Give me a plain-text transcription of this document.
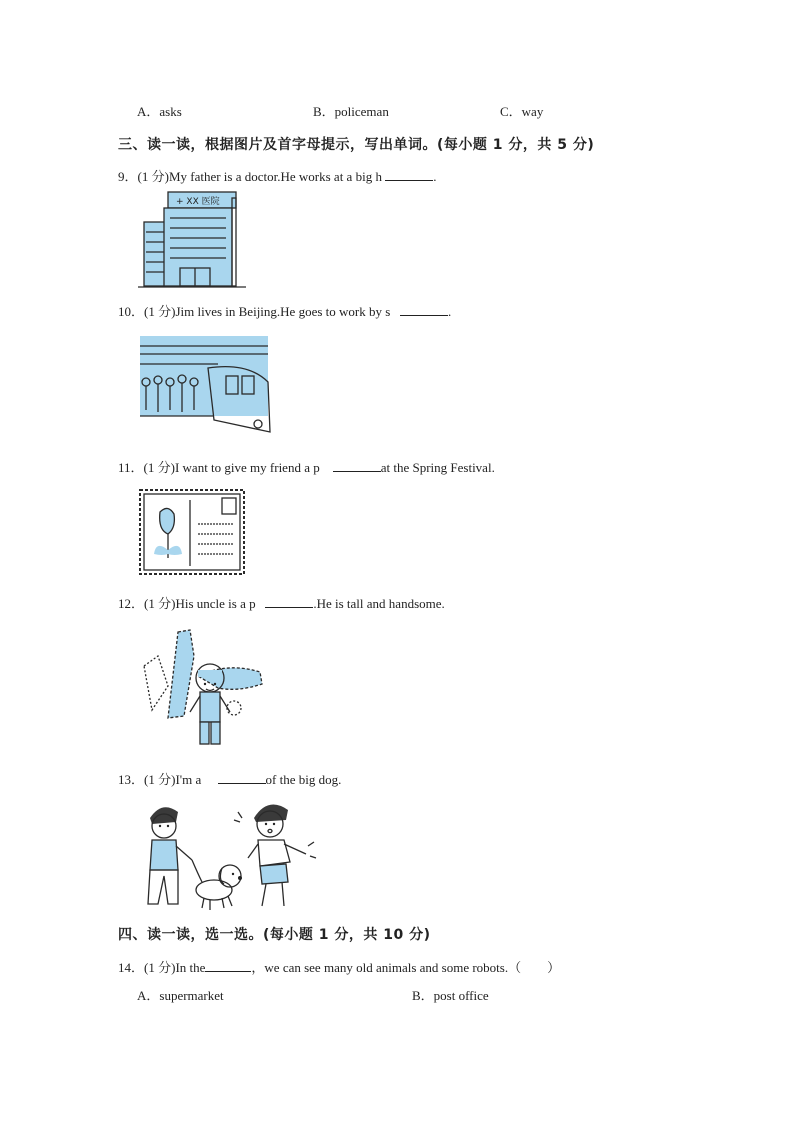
A．asks	B．policeman	C．way
三、读一读，根据图片及首字母提示，写出单词。(每小题 1 分，共 5 分)
9．(1 分)My father is a doctor.He works at a big h	.
+ XX 医院
10．(1 分)Jim lives in Beijing.He goes to work by s	.
11．(1 分)I want to give my friend a p	at the Spring Festival.
12．(1 分)His uncle is a p	.He is tall and handsome.
13．(1 分)I'm a	of the big dog.
四、读一读，选一选。(每小题 1 分，共 10 分)
14．(1 分)In the	，we can see many old animals and some robots.（　　）
A．supermarket	B．post office
